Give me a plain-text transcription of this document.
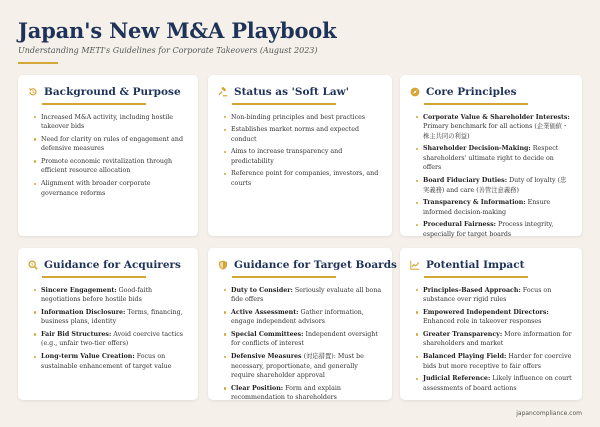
Japan's New M&A Playbook
Understanding METI's Guidelines for Corporate Takeovers (August 2023)
Background & Purpose
Increased M&A activity, including hostile takeover bids
Need for clarity on rules of engagement and defensive measures
Promote economic revitalization through efficient resource allocation
Alignment with broader corporate governance reforms
Status as 'Soft Law'
Non-binding principles and best practices
Establishes market norms and expected conduct
Aims to increase transparency and predictability
Reference point for companies, investors, and courts
Core Principles
Corporate Value & Shareholder Interests: Primary benchmark for all actions (企業価値・株主共同の利益)
Shareholder Decision-Making: Respect shareholders' ultimate right to decide on offers
Board Fiduciary Duties: Duty of loyalty (忠実義務) and care (善管注意義務)
Transparency & Information: Ensure informed decision-making
Procedural Fairness: Process integrity, especially for target boards
$ Guidance for Acquirers
Sincere Engagement: Good-faith negotiations before hostile bids
Information Disclosure: Terms, financing, business plans, identity
Fair Bid Structures: Avoid coercive tactics (e.g., unfair two-tier offers)
Long-term Value Creation: Focus on sustainable enhancement of target value
Guidance for Target Boards
Duty to Consider: Seriously evaluate all bona fide offers
Active Assessment: Gather information, engage independent advisors
Special Committees: Independent oversight for conflicts of interest
Defensive Measures (対応措置): Must be necessary, proportionate, and generally require shareholder approval
Clear Position: Form and explain recommendation to shareholders
Potential Impact
Principles-Based Approach: Focus on substance over rigid rules
Empowered Independent Directors: Enhanced role in takeover responses
Greater Transparency: More information for shareholders and market
Balanced Playing Field: Harder for coercive bids but more receptive to fair offers
Judicial Reference: Likely influence on court assessments of board actions
japancompliance.com
